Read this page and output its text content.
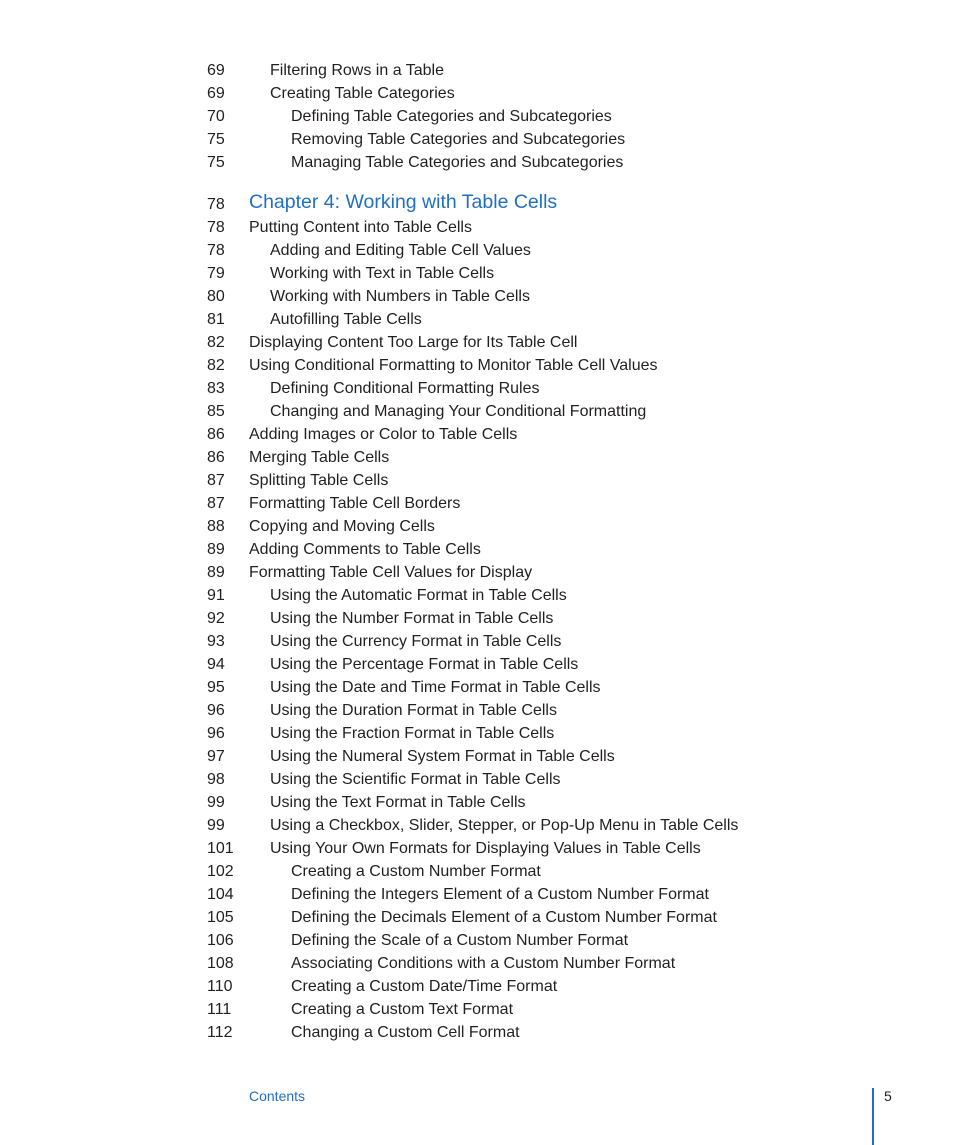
69	Filtering Rows in a Table
69	Creating Table Categories
70	Defining Table Categories and Subcategories
75	Removing Table Categories and Subcategories
75	Managing Table Categories and Subcategories
78 Chapter 4: Working with Table Cells
78 Putting Content into Table Cells
78	Adding and Editing Table Cell Values
79	Working with Text in Table Cells
80	Working with Numbers in Table Cells
81	Autofilling Table Cells
82 Displaying Content Too Large for Its Table Cell
82 Using Conditional Formatting to Monitor Table Cell Values
83	Defining Conditional Formatting Rules
85	Changing and Managing Your Conditional Formatting
86 Adding Images or Color to Table Cells
86 Merging Table Cells
87 Splitting Table Cells
87 Formatting Table Cell Borders
88 Copying and Moving Cells
89 Adding Comments to Table Cells
89 Formatting Table Cell Values for Display
91	Using the Automatic Format in Table Cells
92	Using the Number Format in Table Cells
93	Using the Currency Format in Table Cells
94	Using the Percentage Format in Table Cells
95	Using the Date and Time Format in Table Cells
96	Using the Duration Format in Table Cells
96	Using the Fraction Format in Table Cells
97	Using the Numeral System Format in Table Cells
98	Using the Scientific Format in Table Cells
99	Using the Text Format in Table Cells
99	Using a Checkbox, Slider, Stepper, or Pop-Up Menu in Table Cells
101 Using Your Own Formats for Displaying Values in Table Cells
102	Creating a Custom Number Format
104	Defining the Integers Element of a Custom Number Format
105	Defining the Decimals Element of a Custom Number Format
106	Defining the Scale of a Custom Number Format
108	Associating Conditions with a Custom Number Format
110	Creating a Custom Date/Time Format
111	Creating a Custom Text Format
112	Changing a Custom Cell Format
Contents	5
